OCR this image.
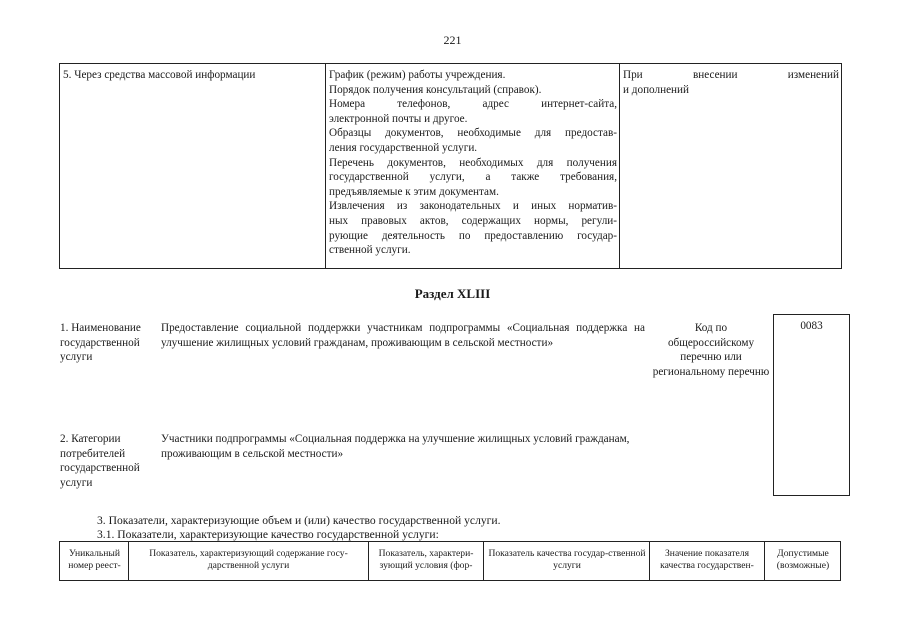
221
5. Через средства массовой информации	График (режим) работы учреждения.
Порядок получения консультаций (справок).
Номера телефонов, адрес интернет-сайта,
электронной почты и другое.
Образцы документов, необходимые для предостав-
ления государственной услуги.
Перечень документов, необходимых для получения
государственной услуги, а также требования,
предъявляемые к этим документам.
Извлечения из законодательных и иных норматив-
ных правовых актов, содержащих нормы, регули-
рующие деятельность по предоставлению государ-
ственной услуги.
При внесении изменений
и дополнений
Раздел XLIII
1. Наименование государственной услуги
Предоставление социальной поддержки участникам подпрограммы «Социальная поддержка на улучшение жилищных условий гражданам, проживающим в сельской местности»
Код по общероссийскому перечню или региональному перечню
0083
2. Категории потребителей государственной услуги
Участники подпрограммы «Социальная поддержка на улучшение жилищных условий гражданам, проживающим в сельской местности»
3. Показатели, характеризующие объем и (или) качество государственной услуги.
3.1. Показатели, характеризующие качество государственной услуги:
Уникальный номер реест-
Показатель, характеризующий содержание госу-дарственной услуги
Показатель, характери-зующий условия (фор-
Показатель качества государ-ственной услуги
Значение показателя качества государствен-
Допустимые (возможные)
